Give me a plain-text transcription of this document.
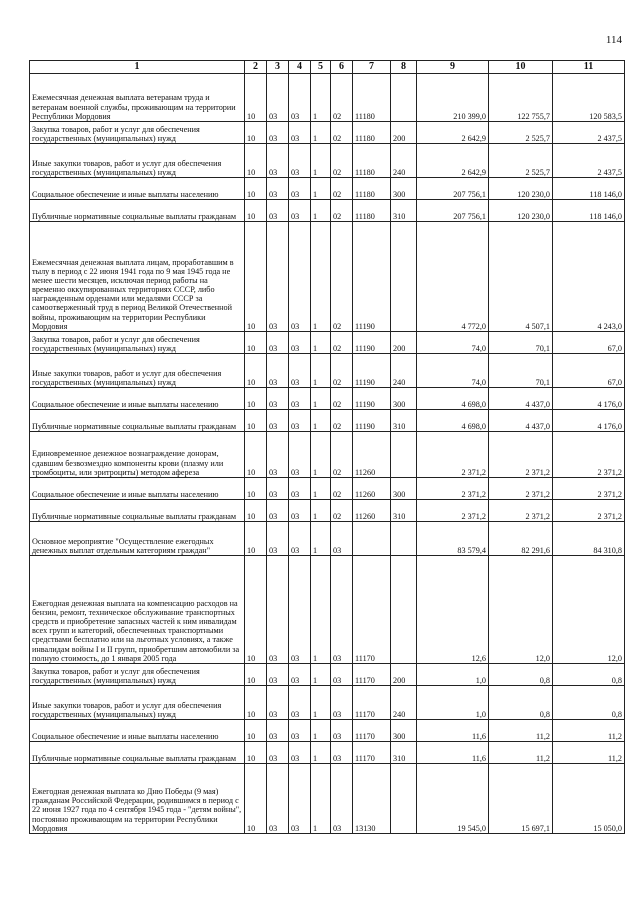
114
1	2	3	4	5	6	7	8	9	10	11
Ежемесячная денежная выплата ветеранам труда и ветеранам военной службы, проживающим на территории Республики Мордовия	10	03	03	1	02	11180		210 399,0	122 755,7	120 583,5
Закупка товаров, работ и услуг для обеспечения государственных (муниципальных) нужд	10	03	03	1	02	11180	200	2 642,9	2 525,7	2 437,5
Иные закупки товаров, работ и услуг для обеспечения государственных (муниципальных) нужд	10	03	03	1	02	11180	240	2 642,9	2 525,7	2 437,5
Социальное обеспечение и иные выплаты населению	10	03	03	1	02	11180	300	207 756,1	120 230,0	118 146,0
Публичные нормативные социальные выплаты гражданам	10	03	03	1	02	11180	310	207 756,1	120 230,0	118 146,0
Ежемесячная денежная выплата лицам, проработавшим в тылу в период с 22 июня 1941 года по 9 мая 1945 года не менее шести месяцев, исключая период работы на временно оккупированных территориях СССР, либо награжденным орденами или медалями СССР за самоотверженный труд в период Великой Отечественной войны, проживающим на территории Республики Мордовия	10	03	03	1	02	11190		4 772,0	4 507,1	4 243,0
Закупка товаров, работ и услуг для обеспечения государственных (муниципальных) нужд	10	03	03	1	02	11190	200	74,0	70,1	67,0
Иные закупки товаров, работ и услуг для обеспечения государственных (муниципальных) нужд	10	03	03	1	02	11190	240	74,0	70,1	67,0
Социальное обеспечение и иные выплаты населению	10	03	03	1	02	11190	300	4 698,0	4 437,0	4 176,0
Публичные нормативные социальные выплаты гражданам	10	03	03	1	02	11190	310	4 698,0	4 437,0	4 176,0
Единовременное денежное вознаграждение донорам, сдавшим безвозмездно компоненты крови (плазму или тромбоциты, или эритроциты) методом афереза	10	03	03	1	02	11260		2 371,2	2 371,2	2 371,2
Социальное обеспечение и иные выплаты населению	10	03	03	1	02	11260	300	2 371,2	2 371,2	2 371,2
Публичные нормативные социальные выплаты гражданам	10	03	03	1	02	11260	310	2 371,2	2 371,2	2 371,2
Основное мероприятие "Осуществление ежегодных денежных выплат отдельным категориям граждан"	10	03	03	1	03			83 579,4	82 291,6	84 310,8
Ежегодная денежная выплата на компенсацию расходов на бензин, ремонт, техническое обслуживание транспортных средств и приобретение запасных частей к ним инвалидам всех групп и категорий, обеспеченных транспортными средствами бесплатно или на льготных условиях, а также инвалидам войны I и II групп, приобретшим автомобили за полную стоимость, до 1 января 2005 года	10	03	03	1	03	11170		12,6	12,0	12,0
Закупка товаров, работ и услуг для обеспечения государственных (муниципальных) нужд	10	03	03	1	03	11170	200	1,0	0,8	0,8
Иные закупки товаров, работ и услуг для обеспечения государственных (муниципальных) нужд	10	03	03	1	03	11170	240	1,0	0,8	0,8
Социальное обеспечение и иные выплаты населению	10	03	03	1	03	11170	300	11,6	11,2	11,2
Публичные нормативные социальные выплаты гражданам	10	03	03	1	03	11170	310	11,6	11,2	11,2
Ежегодная денежная выплата ко Дню Победы (9 мая) гражданам Российской Федерации, родившимся в период с 22 июня 1927 года по 4 сентября 1945 года - "детям войны", постоянно проживающим на территории Республики Мордовия	10	03	03	1	03	13130		19 545,0	15 697,1	15 050,0
